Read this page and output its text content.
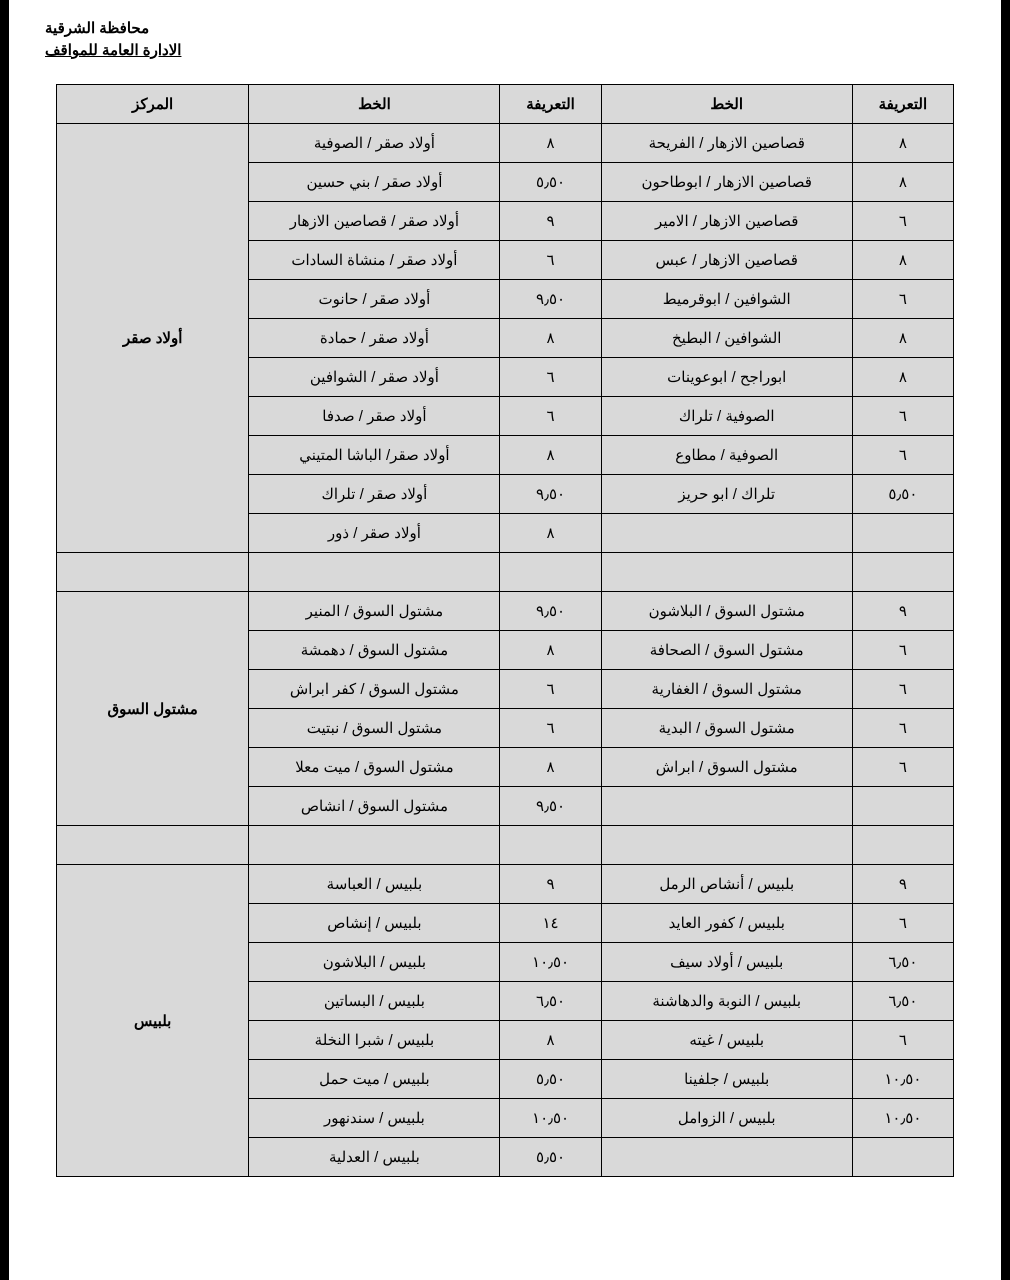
محافظة الشرقية
الادارة العامة للمواقف
التعريفة	الخط	التعريفة	الخط	المركز
٨	قصاصين الازهار / الفريحة	٨	أولاد صقر / الصوفية	أولاد صقر
٨	قصاصين الازهار / ابوطاحون	٥٫٥٠	أولاد صقر / بني حسين	
٦	قصاصين الازهار / الامير	٩	أولاد صقر / قصاصين الازهار	
٨	قصاصين الازهار / عبس	٦	أولاد صقر / منشاة السادات	
٦	الشوافين / ابوقرميط	٩٫٥٠	أولاد صقر / حانوت	
٨	الشوافين / البطيخ	٨	أولاد صقر / حمادة	
٨	ابوراجح / ابوعوينات	٦	أولاد صقر / الشوافين	
٦	الصوفية / تلراك	٦	أولاد صقر / صدفا	
٦	الصوفية / مطاوع	٨	أولاد صقر/ الباشا المتيني	
٥٫٥٠	تلراك / ابو حريز	٩٫٥٠	أولاد صقر / تلراك	
		٨	أولاد صقر / ذور	

٩	مشتول السوق / البلاشون	٩٫٥٠	مشتول السوق / المنير	مشتول السوق
٦	مشتول السوق / الصحافة	٨	مشتول السوق / دهمشة	
٦	مشتول السوق / الغفارية	٦	مشتول السوق / كفر ابراش	
٦	مشتول السوق / البدية	٦	مشتول السوق / نبتيت	
٦	مشتول السوق / ابراش	٨	مشتول السوق / ميت معلا	
		٩٫٥٠	مشتول السوق / انشاص	

٩	بلبيس / أنشاص الرمل	٩	بلبيس / العباسة	بلبيس
٦	بلبيس / كفور العايد	١٤	بلبيس / إنشاص	
٦٫٥٠	بلبيس / أولاد سيف	١٠٫٥٠	بلبيس / البلاشون	
٦٫٥٠	بلبيس / النوبة والدهاشنة	٦٫٥٠	بلبيس / البساتين	
٦	بلبيس / غيته	٨	بلبيس / شبرا النخلة	
١٠٫٥٠	بلبيس / جلفينا	٥٫٥٠	بلبيس / ميت حمل	
١٠٫٥٠	بلبيس / الزوامل	١٠٫٥٠	بلبيس / سندنهور	
		٥٫٥٠	بلبيس / العدلية	
